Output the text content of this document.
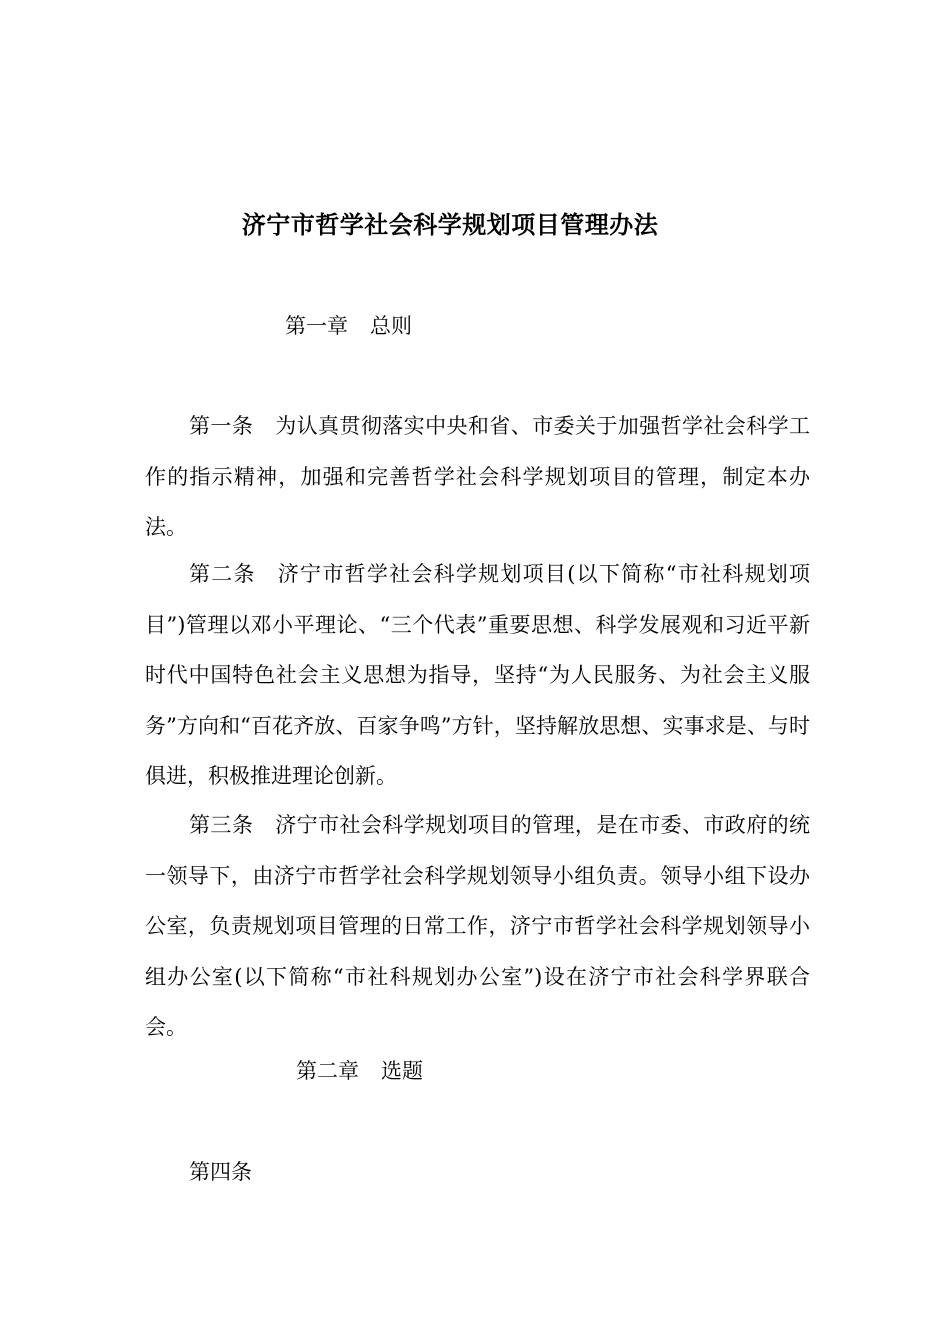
济宁市哲学社会科学规划项目管理办法
第一章 总则
第一条 为认真贯彻落实中央和省、市委关于加强哲学社会科学工作的指示精神，加强和完善哲学社会科学规划项目的管理，制定本办法。
第二条 济宁市哲学社会科学规划项目(以下简称“市社科规划项目”)管理以邓小平理论、“三个代表”重要思想、科学发展观和习近平新时代中国特色社会主义思想为指导，坚持“为人民服务、为社会主义服务”方向和“百花齐放、百家争鸣”方针，坚持解放思想、实事求是、与时俱进，积极推进理论创新。
第三条 济宁市社会科学规划项目的管理，是在市委、市政府的统一领导下，由济宁市哲学社会科学规划领导小组负责。领导小组下设办公室，负责规划项目管理的日常工作，济宁市哲学社会科学规划领导小组办公室(以下简称“市社科规划办公室”)设在济宁市社会科学界联合会。
第二章 选题
第四条
